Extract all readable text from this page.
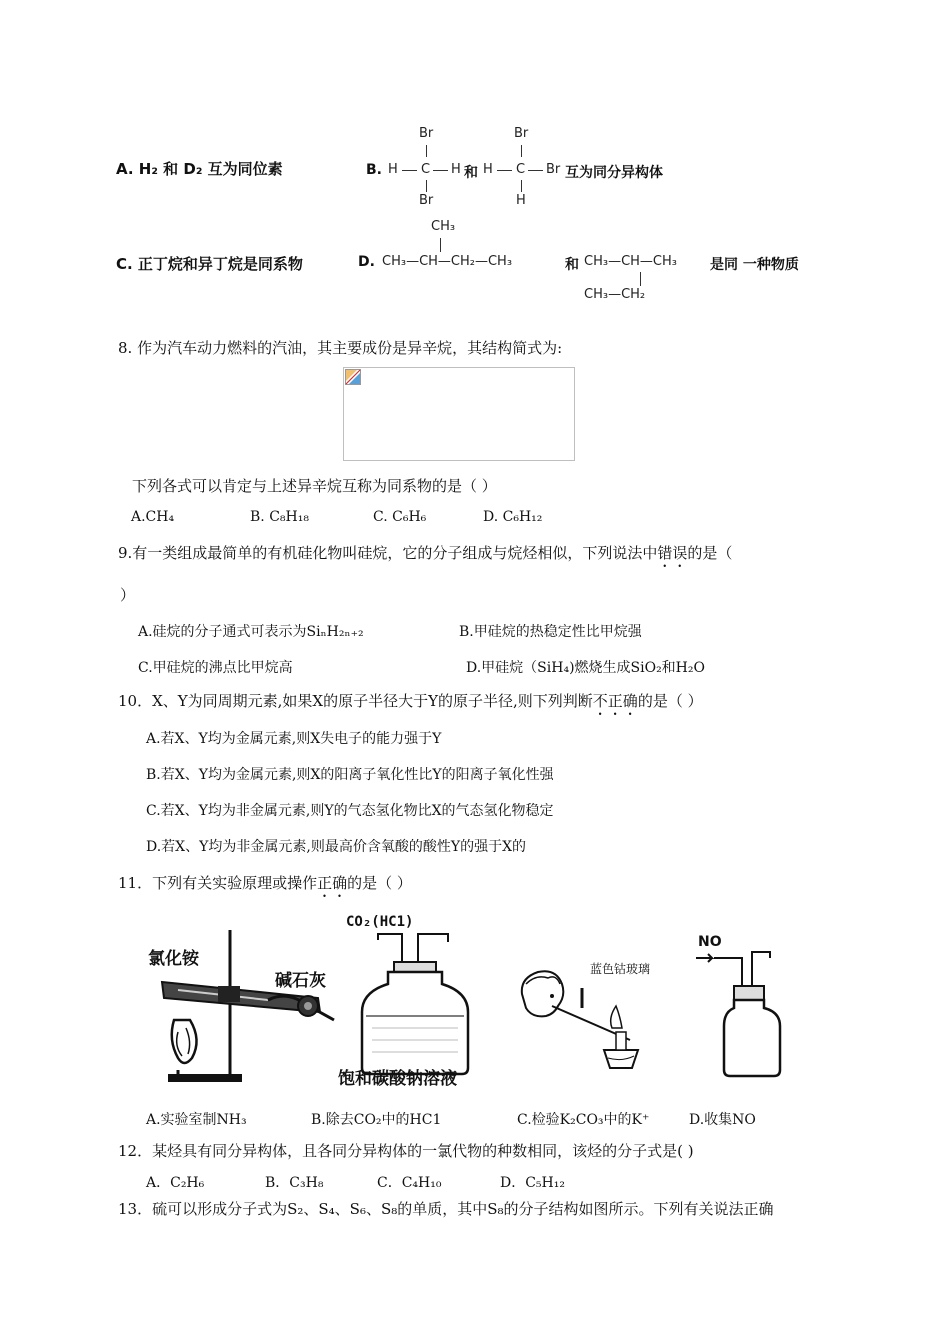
A. H₂ 和 D₂ 互为同位素	B.
Br
H C H
Br
和
Br
H C Br
H
互为同分异构体
C. 正丁烷和异丁烷是同系物	D.
CH₃
CH₃—CH—CH₂—CH₃	和 CH₃—CH—CH₃
CH₃—CH₂
是同 一种物质
8. 作为汽车动力燃料的汽油，其主要成份是异辛烷，其结构简式为:
下列各式可以肯定与上述异辛烷互称为同系物的是（ ）
A.CH₄	B. C₈H₁₈	C. C₆H₆	D. C₆H₁₂
9.有一类组成最简单的有机硅化物叫硅烷，它的分子组成与烷烃相似，下列说法中错误的是（
）
A.硅烷的分子通式可表示为SiₙH₂ₙ₊₂	B.甲硅烷的热稳定性比甲烷强
C.甲硅烷的沸点比甲烷高	D.甲硅烷（SiH₄)燃烧生成SiO₂和H₂O
10．X、Y为同周期元素,如果X的原子半径大于Y的原子半径,则下列判断不正确的是（ ）
A.若X、Y均为金属元素,则X失电子的能力强于Y
B.若X、Y均为金属元素,则X的阳离子氧化性比Y的阳离子氧化性强
C.若X、Y均为非金属元素,则Y的气态氢化物比X的气态氢化物稳定
D.若X、Y均为非金属元素,则最高价含氧酸的酸性Y的强于X的
11．下列有关实验原理或操作正确的是（ ）
氯化铵
碱石灰
CO₂(HC1)
饱和碳酸钠溶液
蓝色钴玻璃
NO
A.实验室制NH₃	B.除去CO₂中的HC1	C.检验K₂CO₃中的K⁺	D.收集NO
12．某烃具有同分异构体，且各同分异构体的一氯代物的种数相同，该烃的分子式是( )
A．C₂H₆	B．C₃H₈	C．C₄H₁₀	D．C₅H₁₂
13．硫可以形成分子式为S₂、S₄、S₆、S₈的单质，其中S₈的分子结构如图所示。下列有关说法正确
